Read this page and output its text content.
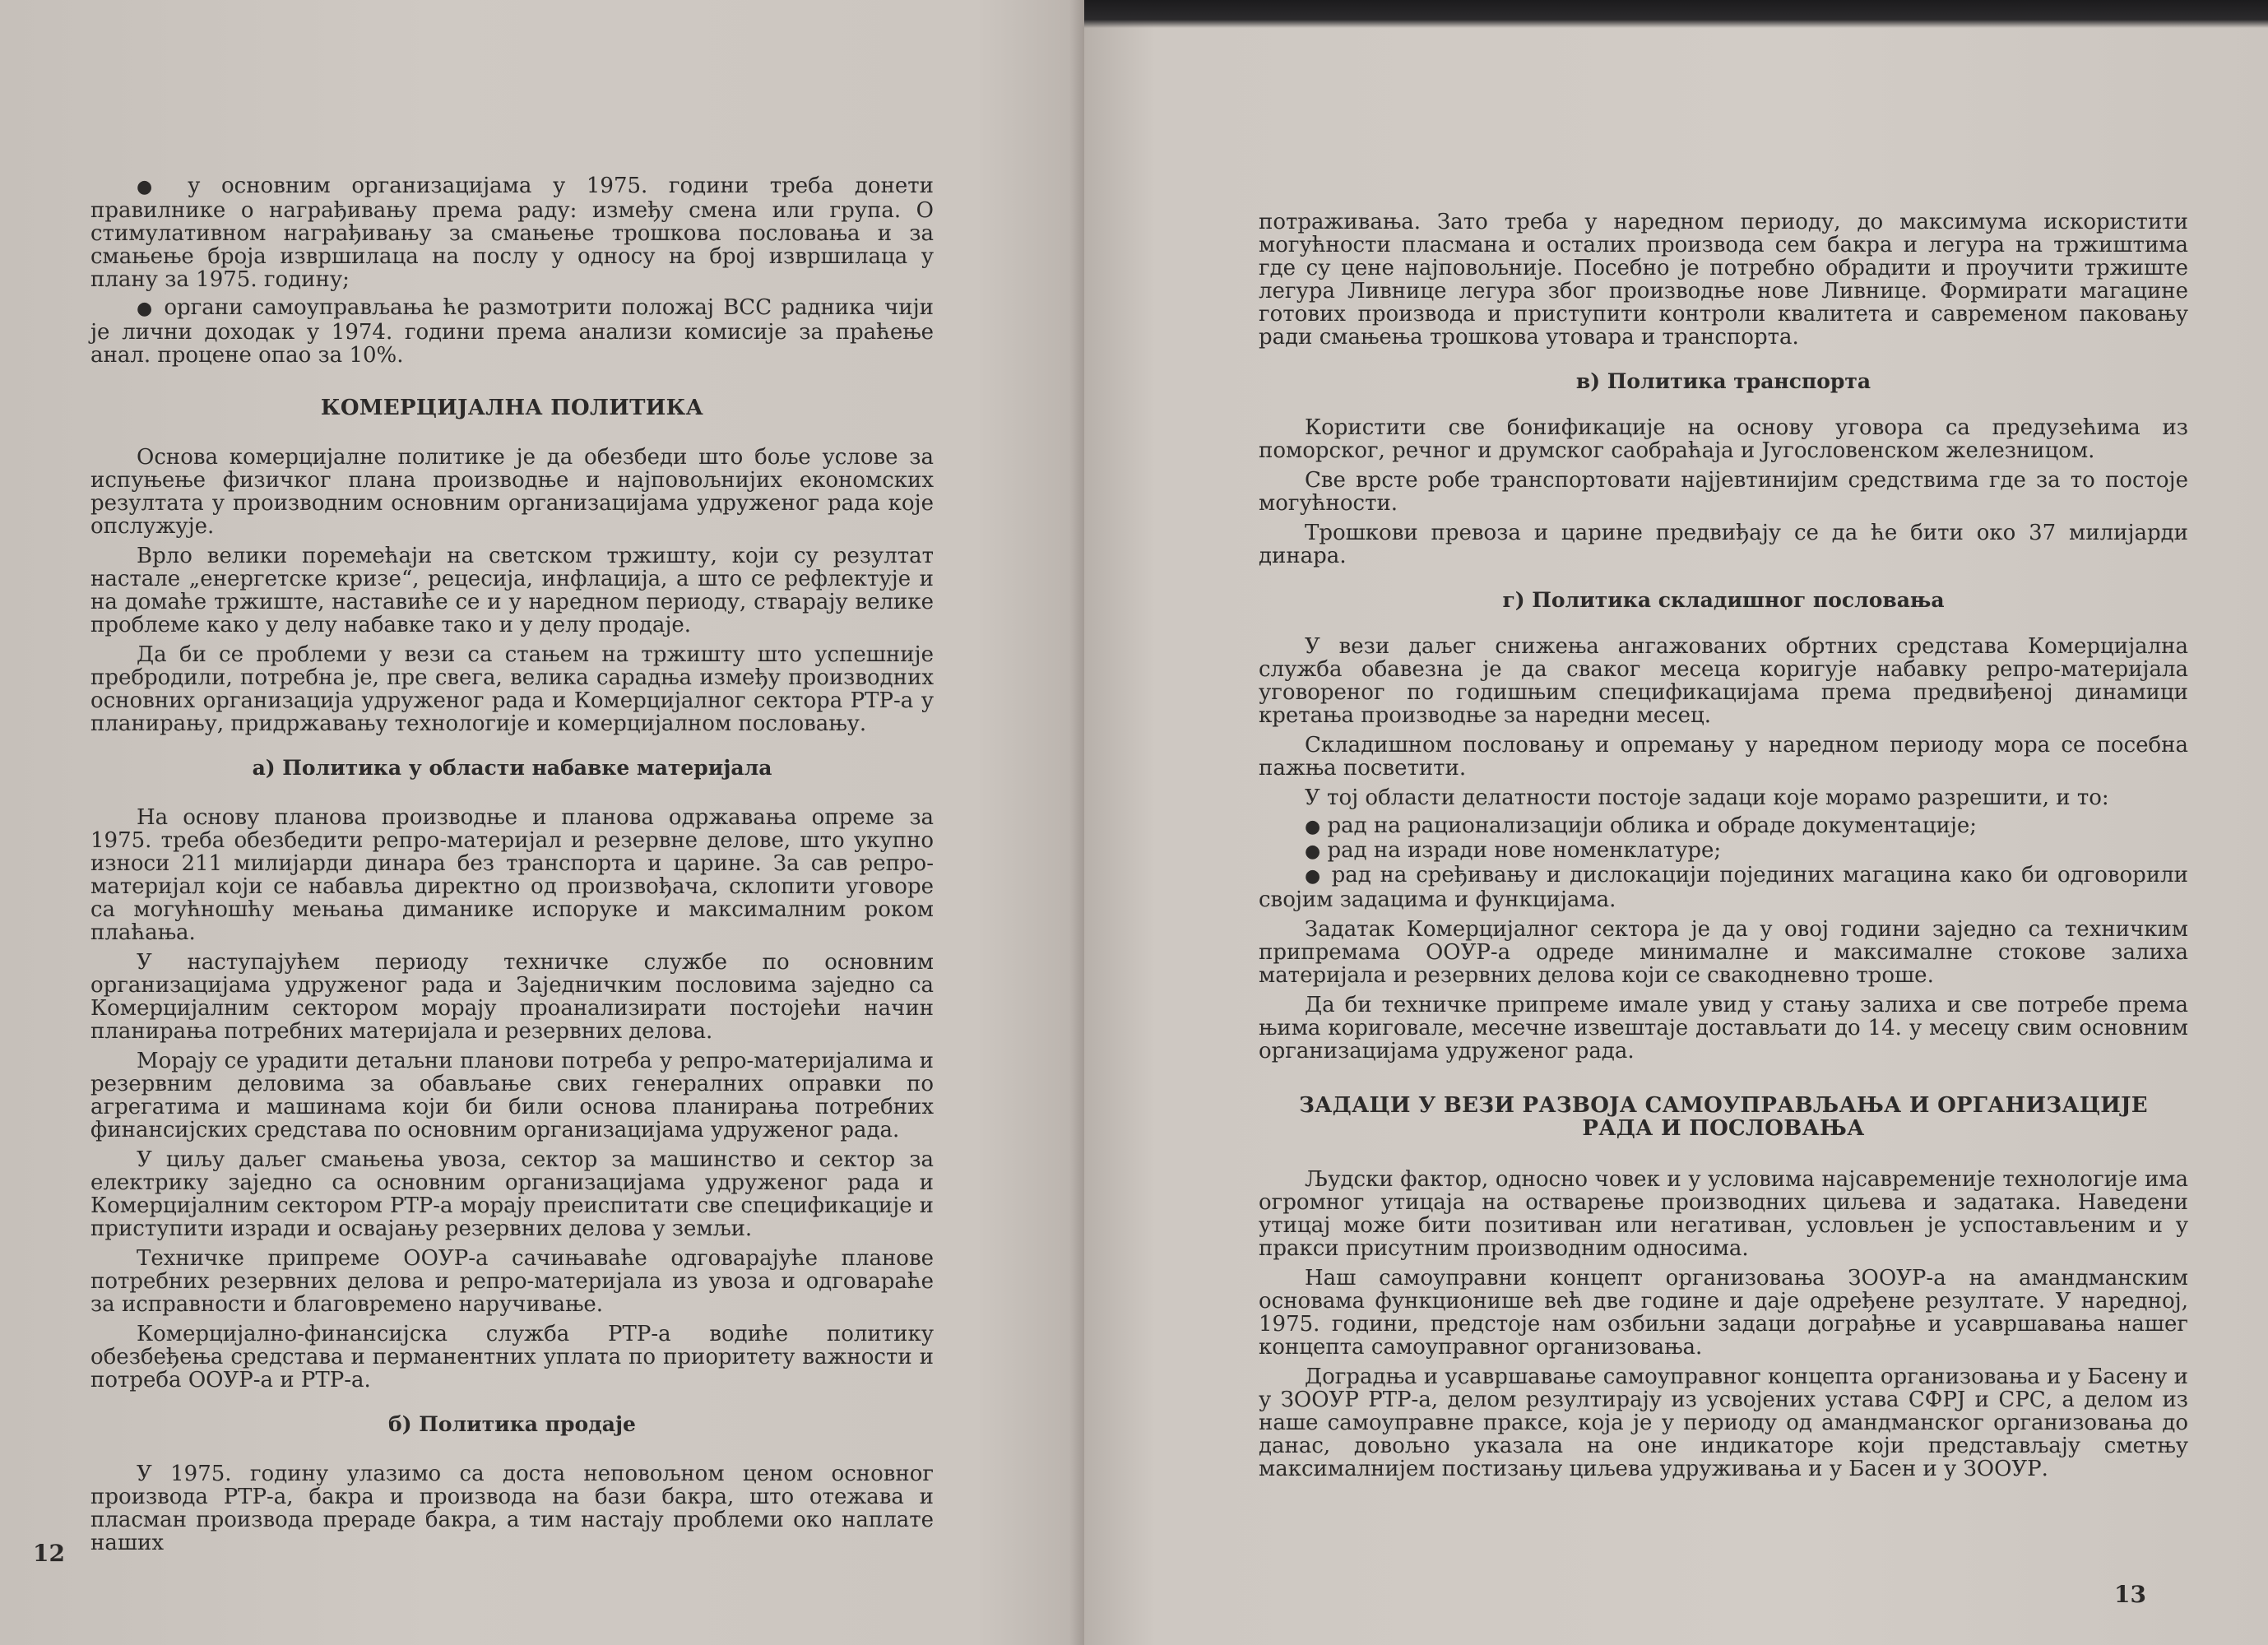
● у основним организацијама у 1975. години треба донети правилнике о награђивању према раду: између смена или група. О стимулативном награђивању за смањење трошкова пословања и за смањење броја извршилаца на послу у односу на број извршилаца у плану за 1975. годину;

● органи самоуправљања ће размотрити положај ВСС радника чији је лични доходак у 1974. години према анализи комисије за праћење анал. процене опао за 10%.

КОМЕРЦИЈАЛНА ПОЛИТИКА

Основа комерцијалне политике је да обезбеди што боље услове за испуњење физичког плана производње и најповољнијих економских резултата у производним основним организацијама удруженог рада које опслужује.

Врло велики поремећаји на светском тржишту, који су резултат настале „енергетске кризе“, рецесија, инфлација, а што се рефлектује и на домаће тржиште, наставиће се и у наредном периоду, стварају велике проблеме како у делу набавке тако и у делу продаје.

Да би се проблеми у вези са стањем на тржишту што успешније пребродили, потребна је, пре свега, велика сарадња између производних основних организација удруженог рада и Комерцијалног сектора РТР-а у планирању, придржавању технологије и комерцијалном пословању.

а) Политика у области набавке материјала

На основу планова производње и планова одржавања опреме за 1975. треба обезбедити репро-материјал и резервне делове, што укупно износи 211 милијарди динара без транспорта и царине. За сав репро-материјал који се набавља директно од произвођача, склопити уговоре са могућношћу мењања диманике испоруке и максималним роком плаћања.

У наступајућем периоду техничке службе по основним организацијама удруженог рада и Заједничким пословима заједно са Комерцијалним сектором морају проанализирати постојећи начин планирања потребних материјала и резервних делова.

Морају се урадити детаљни планови потреба у репро-материјалима и резервним деловима за обављање свих генералних оправки по агрегатима и машинама који би били основа планирања потребних финансијских средстава по основним организацијама удруженог рада.

У циљу даљег смањења увоза, сектор за машинство и сектор за електрику заједно са основним организацијама удруженог рада и Комерцијалним сектором РТР-а морају преиспитати све спецификације и приступити изради и освајању резервних делова у земљи.

Техничке припреме ООУР-а сачињаваће одговарајуће планове потребних резервних делова и репро-материјала из увоза и одговараће за исправности и благовремено наручивање.

Комерцијално-финансијска служба РТР-а водиће политику обезбеђења средстава и перманентних уплата по приоритету важности и потреба ООУР-а и РТР-а.

б) Политика продаје

У 1975. годину улазимо са доста неповољном ценом основног производа РТР-а, бакра и производа на бази бакра, што отежава и пласман производа прераде бакра, а тим настају проблеми око наплате наших

12

потраживања. Зато треба у наредном периоду, до максимума искористити могућности пласмана и осталих производа сем бакра и легура на тржиштима где су цене најповољније. Посебно је потребно обрадити и проучити тржиште легура Ливнице легура због производње нове Ливнице. Формирати магацине готових производа и приступити контроли квалитета и савременом паковању ради смањења трошкова утовара и транспорта.

в) Политика транспорта

Користити све бонификације на основу уговора са предузећима из поморског, речног и друмског саобраћаја и Југословенском железницом.

Све врсте робе транспортовати најјевтинијим средствима где за то постоје могућности.

Трошкови превоза и царине предвиђају се да ће бити око 37 милијарди динара.

г) Политика складишног пословања

У вези даљег снижења ангажованих обртних средстава Комерцијална служба обавезна је да сваког месеца коригује набавку репро-материјала уговореног по годишњим спецификацијама према предвиђеној динамици кретања производње за наредни месец.

Складишном пословању и опремању у наредном периоду мора се посебна пажња посветити.

У тој области делатности постоје задаци које морамо разрешити, и то:

● рад на рационализацији облика и обраде документације;

● рад на изради нове номенклатуре;

● рад на сређивању и дислокацији појединих магацина како би одговорили својим задацима и функцијама.

Задатак Комерцијалног сектора је да у овој години заједно са техничким припремама ООУР-а одреде минималне и максималне стокове залиха материјала и резервних делова који се свакодневно троше.

Да би техничке припреме имале увид у стању залиха и све потребе према њима кориговале, месечне извештаје достављати до 14. у месецу свим основним организацијама удруженог рада.

ЗАДАЦИ У ВЕЗИ РАЗВОЈА САМОУПРАВЉАЊА И ОРГАНИЗАЦИЈЕ
РАДА И ПОСЛОВАЊА

Људски фактор, односно човек и у условима најсавременије технологије има огромног утицаја на остварење производних циљева и задатака. Наведени утицај може бити позитиван или негативан, условљен је успостављеним и у пракси присутним производним односима.

Наш самоуправни концепт организовања ЗООУР-а на амандманским основама функционише већ две године и даје одређене резултате. У наредној, 1975. години, предстоје нам озбиљни задаци дограђње и усавршавања нашег концепта самоуправног организовања.

Доградња и усавршавање самоуправног концепта организовања и у Басену и у ЗООУР РТР-а, делом резултирају из усвојених устава СФРЈ и СРС, а делом из наше самоуправне праксе, која је у периоду од амандманског организовања до данас, довољно указала на оне индикаторе који представљају сметњу максималнијем постизању циљева удруживања и у Басен и у ЗООУР.

13
